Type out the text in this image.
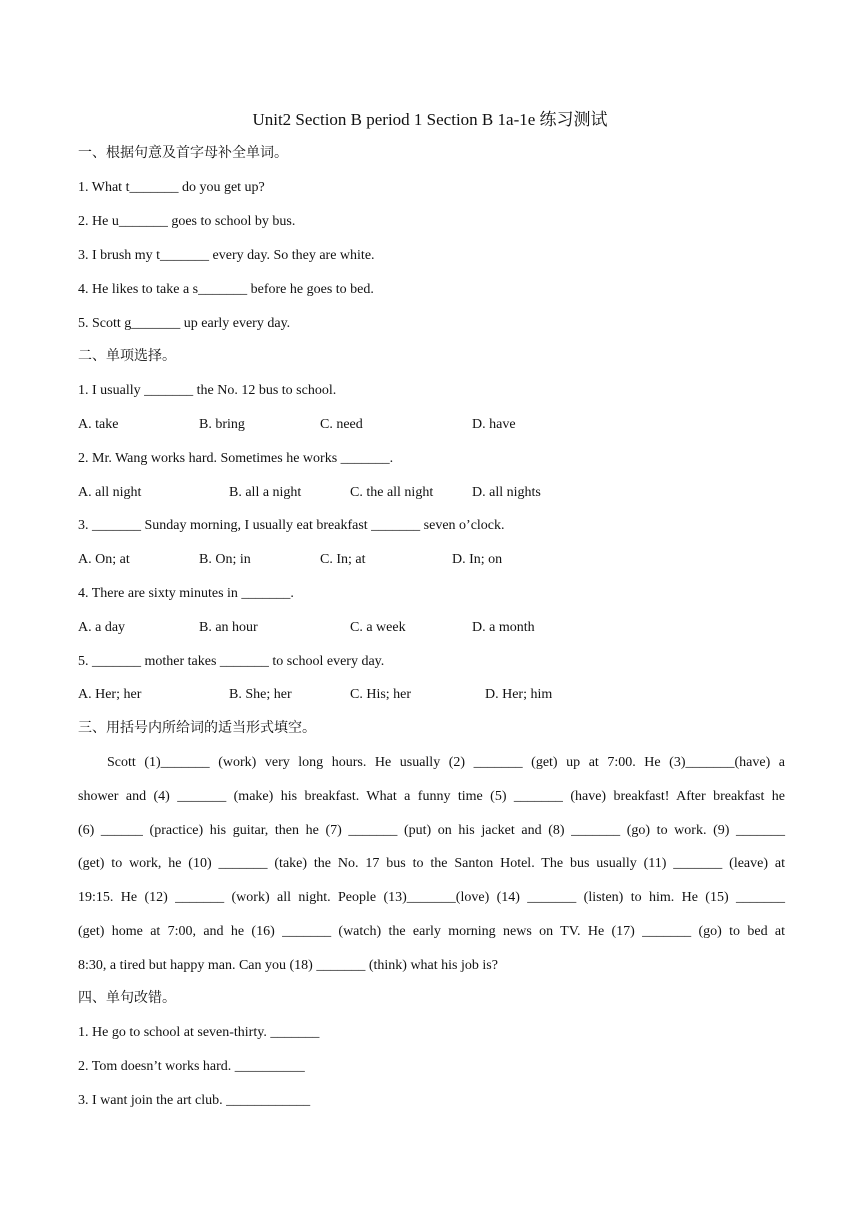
Unit2 Section B period 1 Section B 1a-1e 练习测试
一、根据句意及首字母补全单词。
1. What t_______ do you get up?
2. He u_______ goes to school by bus.
3. I brush my t_______ every day. So they are white.
4. He likes to take a s_______ before he goes to bed.
5. Scott g_______ up early every day.
二、单项选择。
1. I usually _______ the No. 12 bus to school.
A. take	B. bring	C. need	D. have
2. Mr. Wang works hard. Sometimes he works _______.
A. all night	B. all a night	C. the all night	D. all nights
3. _______ Sunday morning, I usually eat breakfast _______ seven o’clock.
A. On; at	B. On; in	C. In; at	D. In; on
4. There are sixty minutes in _______.
A. a day	B. an hour	C. a week	D. a month
5. _______ mother takes _______ to school every day.
A. Her; her	B. She; her	C. His; her	D. Her; him
三、用括号内所给词的适当形式填空。
Scott (1)_______ (work) very long hours. He usually (2) _______ (get) up at 7:00. He (3)_______(have) a
shower and (4) _______ (make) his breakfast. What a funny time (5) _______ (have) breakfast! After breakfast he
(6) ______ (practice) his guitar, then he (7) _______ (put) on his jacket and (8) _______ (go) to work. (9) _______
(get) to work, he (10) _______ (take) the No. 17 bus to the Santon Hotel. The bus usually (11) _______ (leave) at
19:15. He (12) _______ (work) all night. People (13)_______(love) (14) _______ (listen) to him. He (15) _______
(get) home at 7:00, and he (16) _______ (watch) the early morning news on TV. He (17) _______ (go) to bed at
8:30, a tired but happy man. Can you (18) _______ (think) what his job is?
四、单句改错。
1. He go to school at seven-thirty. _______
2. Tom doesn’t works hard. __________
3. I want join the art club. ____________
